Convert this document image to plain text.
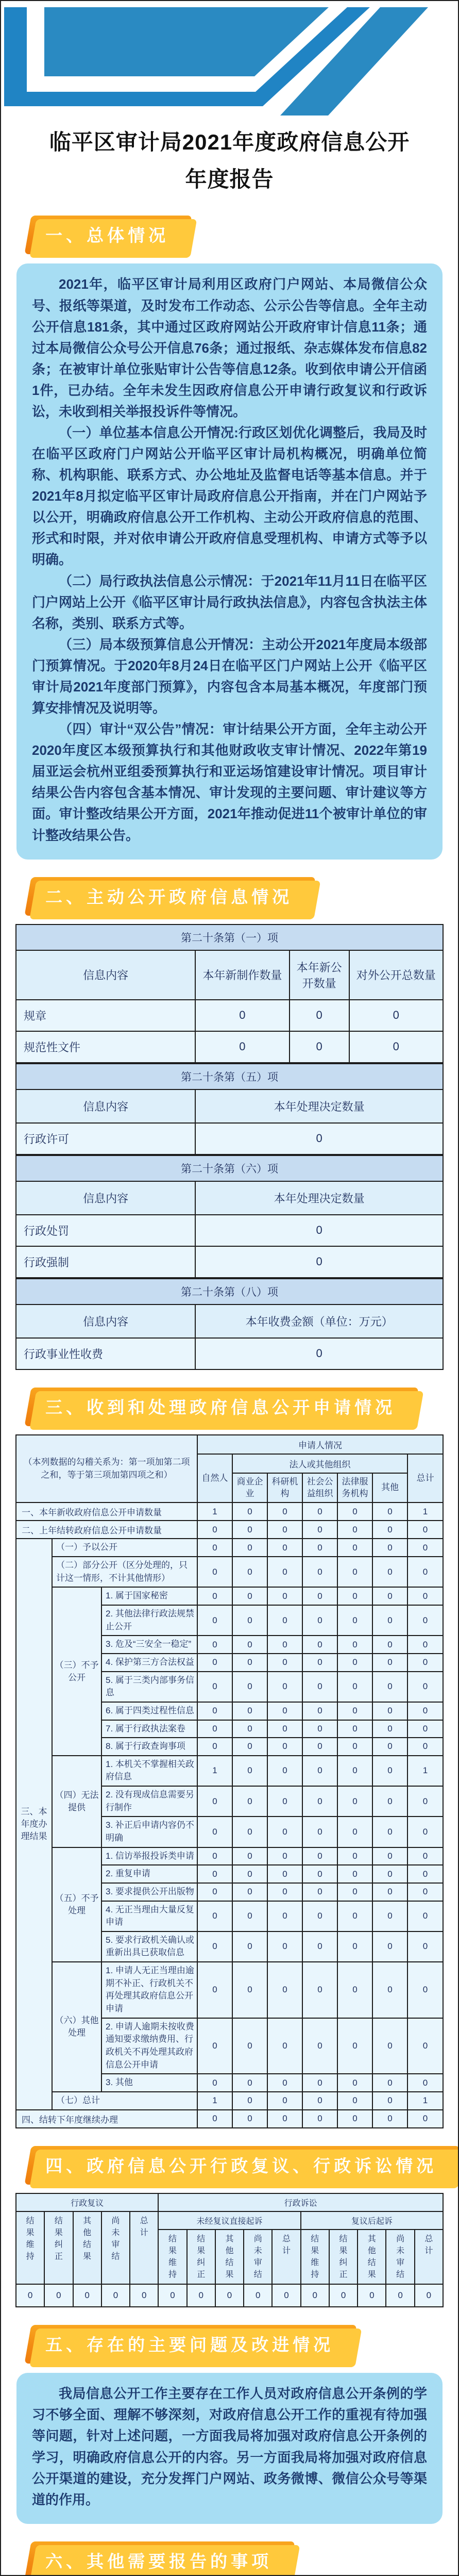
临平区审计局2021年度政府信息公开
年度报告
一、总体情况

2021年，临平区审计局利用区政府门户网站、本局微信公众号、报纸等渠道，及时发布工作动态、公示公告等信息。全年主动公开信息181条，其中通过区政府网站公开政府审计信息11条；通过本局微信公众号公开信息76条；通过报纸、杂志媒体发布信息82条；在被审计单位张贴审计公告等信息12条。收到依申请公开信函1件，已办结。全年未发生因政府信息公开申请行政复议和行政诉讼，未收到相关举报投诉件等情况。

（一）单位基本信息公开情况:行政区划优化调整后，我局及时在临平区政府门户网站公开临平区审计局机构概况，明确单位简称、机构职能、联系方式、办公地址及监督电话等基本信息。并于2021年8月拟定临平区审计局政府信息公开指南，并在门户网站予以公开，明确政府信息公开工作机构、主动公开政府信息的范围、形式和时限，并对依申请公开政府信息受理机构、申请方式等予以明确。

（二）局行政执法信息公示情况：于2021年11月11日在临平区门户网站上公开《临平区审计局行政执法信息》，内容包含执法主体名称，类别、联系方式等。

（三）局本级预算信息公开情况：主动公开2021年度局本级部门预算情况。于2020年8月24日在临平区门户网站上公开《临平区审计局2021年度部门预算》，内容包含本局基本概况，年度部门预算安排情况及说明等。

（四）审计“双公告”情况：审计结果公开方面，全年主动公开2020年度区本级预算执行和其他财政收支审计情况、2022年第19届亚运会杭州亚组委预算执行和亚运场馆建设审计情况。项目审计结果公告内容包含基本情况、审计发现的主要问题、审计建议等方面。审计整改结果公开方面，2021年推动促进11个被审计单位的审计整改结果公告。

二、主动公开政府信息情况
第二十条第（一）项			
信息内容	本年新制作数量	本年新公开数量	对外公开总数量
规章	0	0	0
规范性文件	0	0	0
第二十条第（五）项	
信息内容	本年处理决定数量
行政许可	0
第二十条第（六）项	
信息内容	本年处理决定数量
行政处罚	0
行政强制	0
第二十条第（八）项	
信息内容	本年收费金额（单位：万元）
行政事业性收费	0
三、收到和处理政府信息公开申请情况
（本列数据的勾稽关系为：第一项加第二项之和，等于第三项加第四项之和）			申请人情况						
			自然人	法人或其他组织					总计
				商业企业	科研机构	社会公益组织	法律服务机构	其他	
一、本年新收政府信息公开申请数量			1	0	0	0	0	0	1
二、上年结转政府信息公开申请数量			0	0	0	0	0	0	0
三、本年度办理结果	（一）予以公开		0	0	0	0	0	0	0
	（二）部分公开（区分处理的，只计这一情形，不计其他情形）		0	0	0	0	0	0	0
	（三）不予公开	1. 属于国家秘密	0	0	0	0	0	0	0
		2. 其他法律行政法规禁止公开	0	0	0	0	0	0	0
		3. 危及“三安全一稳定”	0	0	0	0	0	0	0
		4. 保护第三方合法权益	0	0	0	0	0	0	0
		5. 属于三类内部事务信息	0	0	0	0	0	0	0
		6. 属于四类过程性信息	0	0	0	0	0	0	0
		7. 属于行政执法案卷	0	0	0	0	0	0	0
		8. 属于行政查询事项	0	0	0	0	0	0	0
	（四）无法提供	1. 本机关不掌握相关政府信息	1	0	0	0	0	0	1
		2. 没有现成信息需要另行制作	0	0	0	0	0	0	0
		3. 补正后申请内容仍不明确	0	0	0	0	0	0	0
	（五）不予处理	1. 信访举报投诉类申请	0	0	0	0	0	0	0
		2. 重复申请	0	0	0	0	0	0	0
		3. 要求提供公开出版物	0	0	0	0	0	0	0
		4. 无正当理由大量反复申请	0	0	0	0	0	0	0
		5. 要求行政机关确认或重新出具已获取信息	0	0	0	0	0	0	0
	（六）其他处理	1. 申请人无正当理由逾期不补正、行政机关不再处理其政府信息公开申请	0	0	0	0	0	0	0
		2. 申请人逾期未按收费通知要求缴纳费用、行政机关不再处理其政府信息公开申请	0	0	0	0	0	0	0
		3. 其他	0	0	0	0	0	0	0
	（七）总计		1	0	0	0	0	0	1
四、结转下年度继续办理			0	0	0	0	0	0	0
四、政府信息公开行政复议、行政诉讼情况
行政复议					行政诉讼									
结果维持	结果纠正	其他结果	尚未审结	总计	未经复议直接起诉					复议后起诉				
					结果维持	结果纠正	其他结果	尚未审结	总计	结果维持	结果纠正	其他结果	尚未审结	总计
0	0	0	0	0	0	0	0	0	0	0	0	0	0	0
五、存在的主要问题及改进情况

我局信息公开工作主要存在工作人员对政府信息公开条例的学习不够全面、理解不够深刻，对政府信息公开工作的重视有待加强等问题，针对上述问题，一方面我局将加强对政府信息公开条例的学习，明确政府信息公开的内容。另一方面我局将加强对政府信息公开渠道的建设，充分发挥门户网站、政务微博、微信公众号等渠道的作用。

六、其他需要报告的事项
